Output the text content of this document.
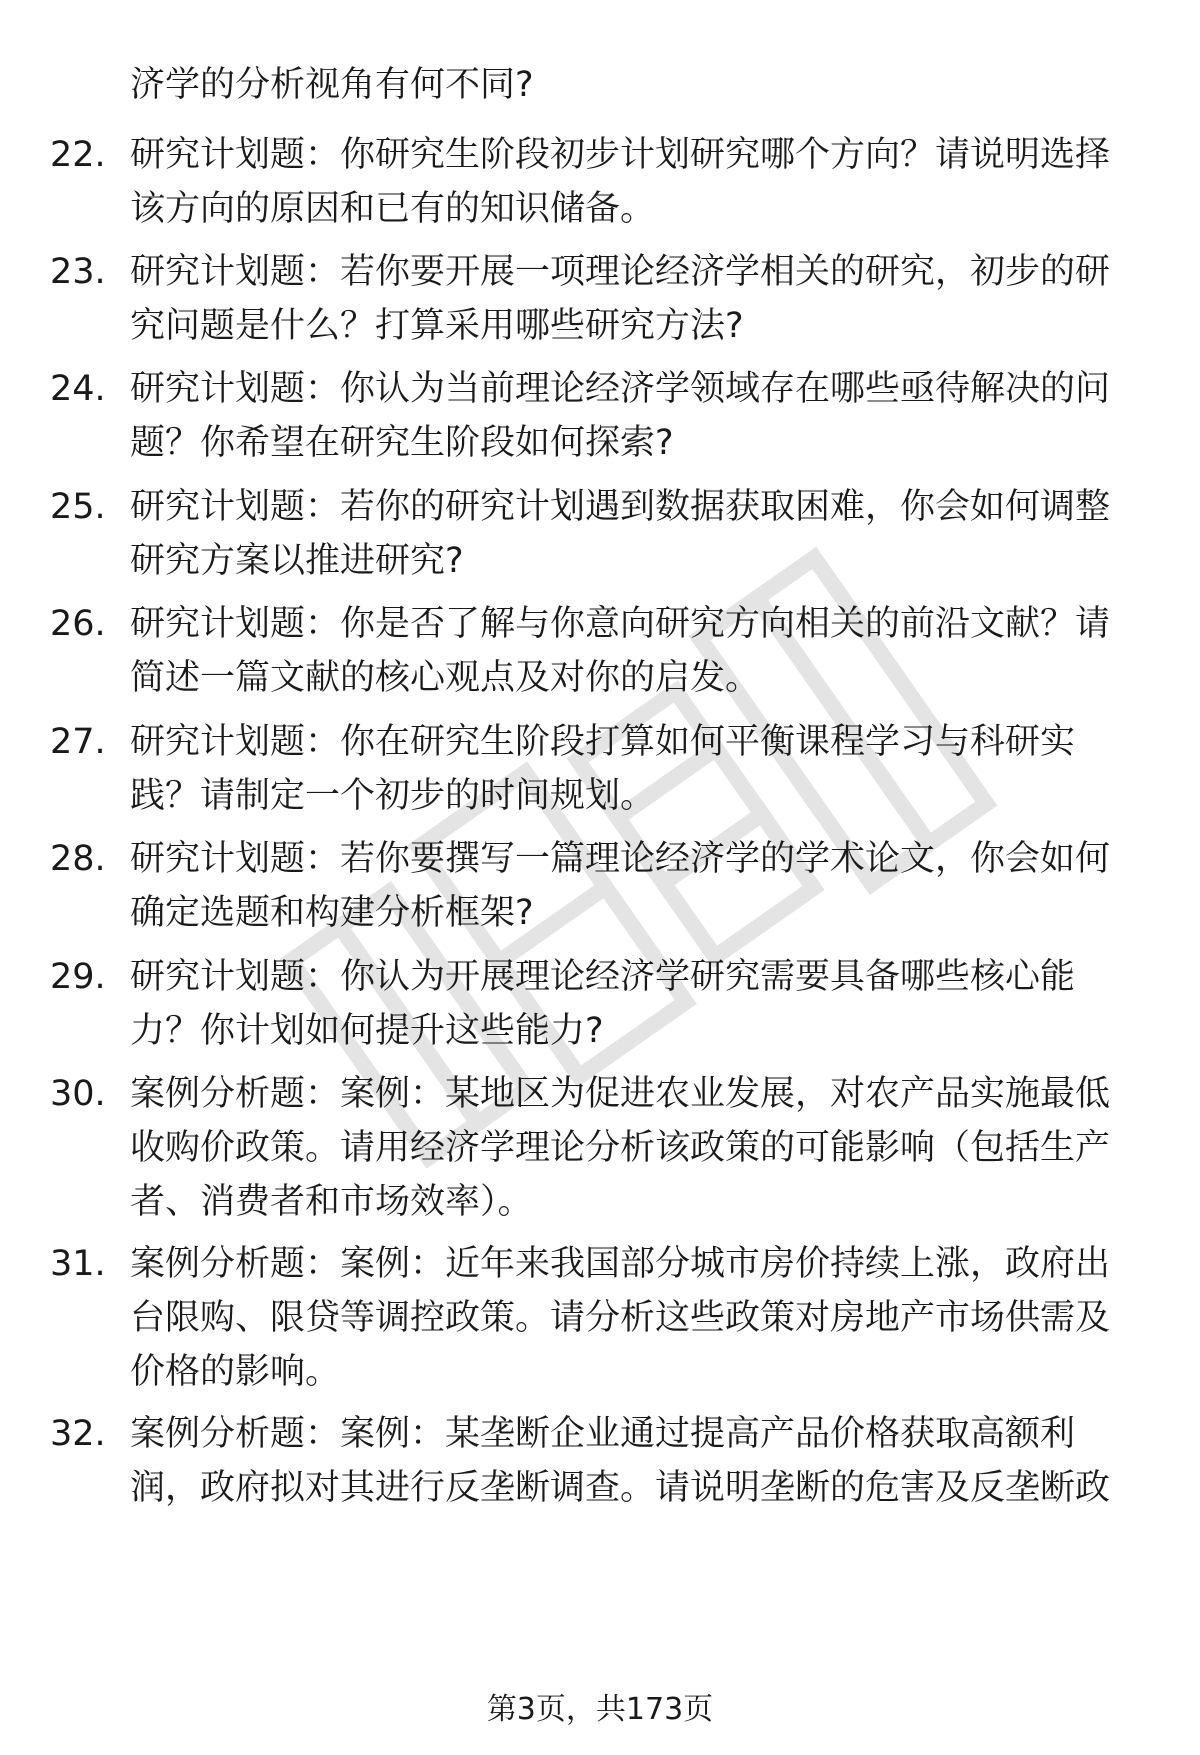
济学的分析视角有何不同?
22. 研究计划题：你研究生阶段初步计划研究哪个方向？请说明选择
该方向的原因和已有的知识储备。
23. 研究计划题：若你要开展一项理论经济学相关的研究，初步的研
究问题是什么？打算采用哪些研究方法?
24. 研究计划题：你认为当前理论经济学领域存在哪些亟待解决的问
题？你希望在研究生阶段如何探索?
25. 研究计划题：若你的研究计划遇到数据获取困难，你会如何调整
研究方案以推进研究?
26. 研究计划题：你是否了解与你意向研究方向相关的前沿文献？请
简述一篇文献的核心观点及对你的启发。
27. 研究计划题：你在研究生阶段打算如何平衡课程学习与科研实
践？请制定一个初步的时间规划。
28. 研究计划题：若你要撰写一篇理论经济学的学术论文，你会如何
确定选题和构建分析框架?
29. 研究计划题：你认为开展理论经济学研究需要具备哪些核心能
力？你计划如何提升这些能力?
30. 案例分析题：案例：某地区为促进农业发展，对农产品实施最低
收购价政策。请用经济学理论分析该政策的可能影响（包括生产
者、消费者和市场效率）。
31. 案例分析题：案例：近年来我国部分城市房价持续上涨，政府出
台限购、限贷等调控政策。请分析这些政策对房地产市场供需及
价格的影响。
32. 案例分析题：案例：某垄断企业通过提高产品价格获取高额利
润，政府拟对其进行反垄断调查。请说明垄断的危害及反垄断政
第3页，共173页
